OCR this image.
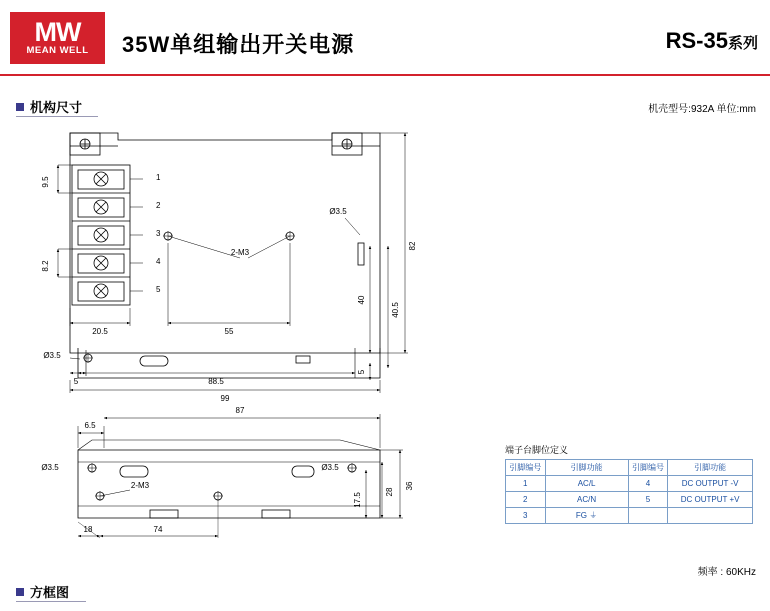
MW
MEAN WELL 35W单组输出开关电源	RS-35系列
机构尺寸	机壳型号:932A 单位:mm
9.5
8.2
20.5	55
88.5
99
5
82
40
40.5
5
Ø3.5
Ø3.5
2-M3
1
2
3
4
5
6.5
87
18	74
36
28
17.5
Ø3.5	Ø3.5
2-M3
端子台脚位定义
引脚编号	引脚功能	引脚编号	引脚功能
1	AC/L	4	DC OUTPUT -V
2	AC/N	5	DC OUTPUT +V
3	FG ⏚		
频率 : 60KHz
方框图
